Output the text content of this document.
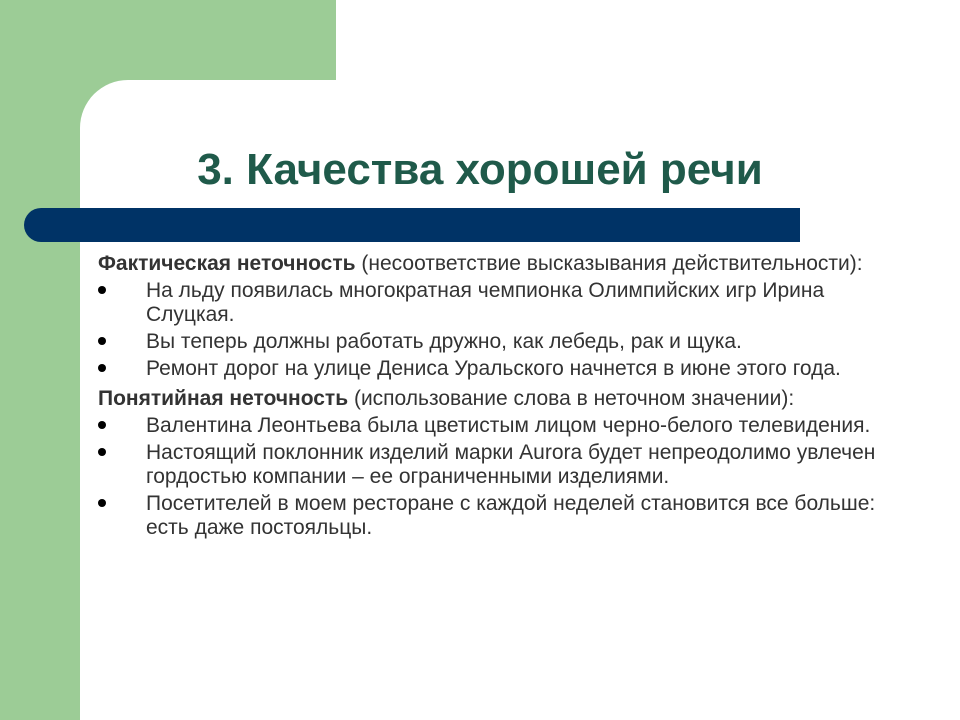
3. Качества хорошей речи
Фактическая неточность (несоответствие высказывания действительности):
На льду появилась многократная чемпионка Олимпийских игр Ирина Слуцкая.
Вы теперь должны работать дружно, как лебедь, рак и щука.
Ремонт дорог на улице Дениса Уральского начнется в июне этого года.
Понятийная неточность (использование слова в неточном значении):
Валентина Леонтьева была цветистым лицом черно-белого телевидения.
Настоящий поклонник изделий марки Aurora будет непреодолимо увлечен гордостью компании – ее ограниченными изделиями.
Посетителей в моем ресторане с каждой неделей становится все больше: есть даже постояльцы.
